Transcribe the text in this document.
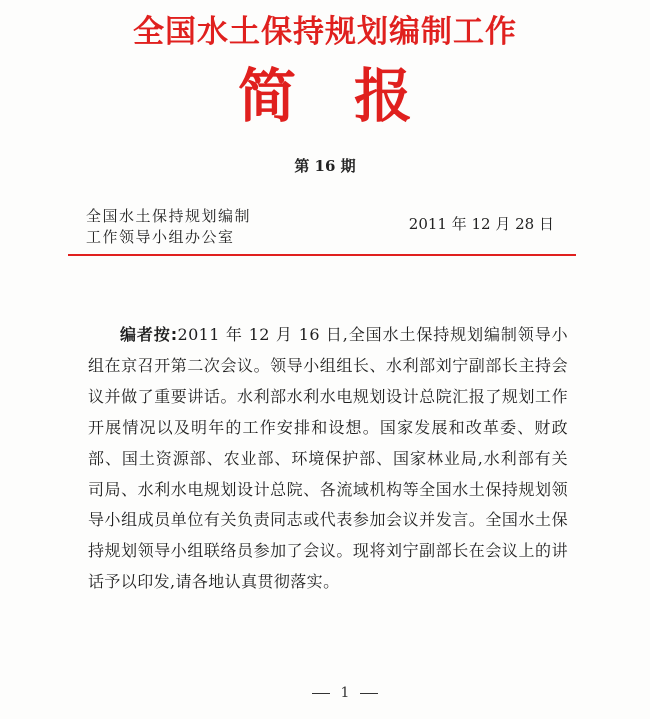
全国水土保持规划编制工作
简报
第 16 期
全国水土保持规划编制
工作领导小组办公室
2011 年 12 月 28 日

编者按:2011 年 12 月 16 日,全国水土保持规划编制领导小组在京召开第二次会议。领导小组组长、水利部刘宁副部长主持会议并做了重要讲话。水利部水利水电规划设计总院汇报了规划工作开展情况以及明年的工作安排和设想。国家发展和改革委、财政部、国土资源部、农业部、环境保护部、国家林业局,水利部有关司局、水利水电规划设计总院、各流域机构等全国水土保持规划领导小组成员单位有关负责同志或代表参加会议并发言。全国水土保持规划领导小组联络员参加了会议。现将刘宁副部长在会议上的讲话予以印发,请各地认真贯彻落实。

1
